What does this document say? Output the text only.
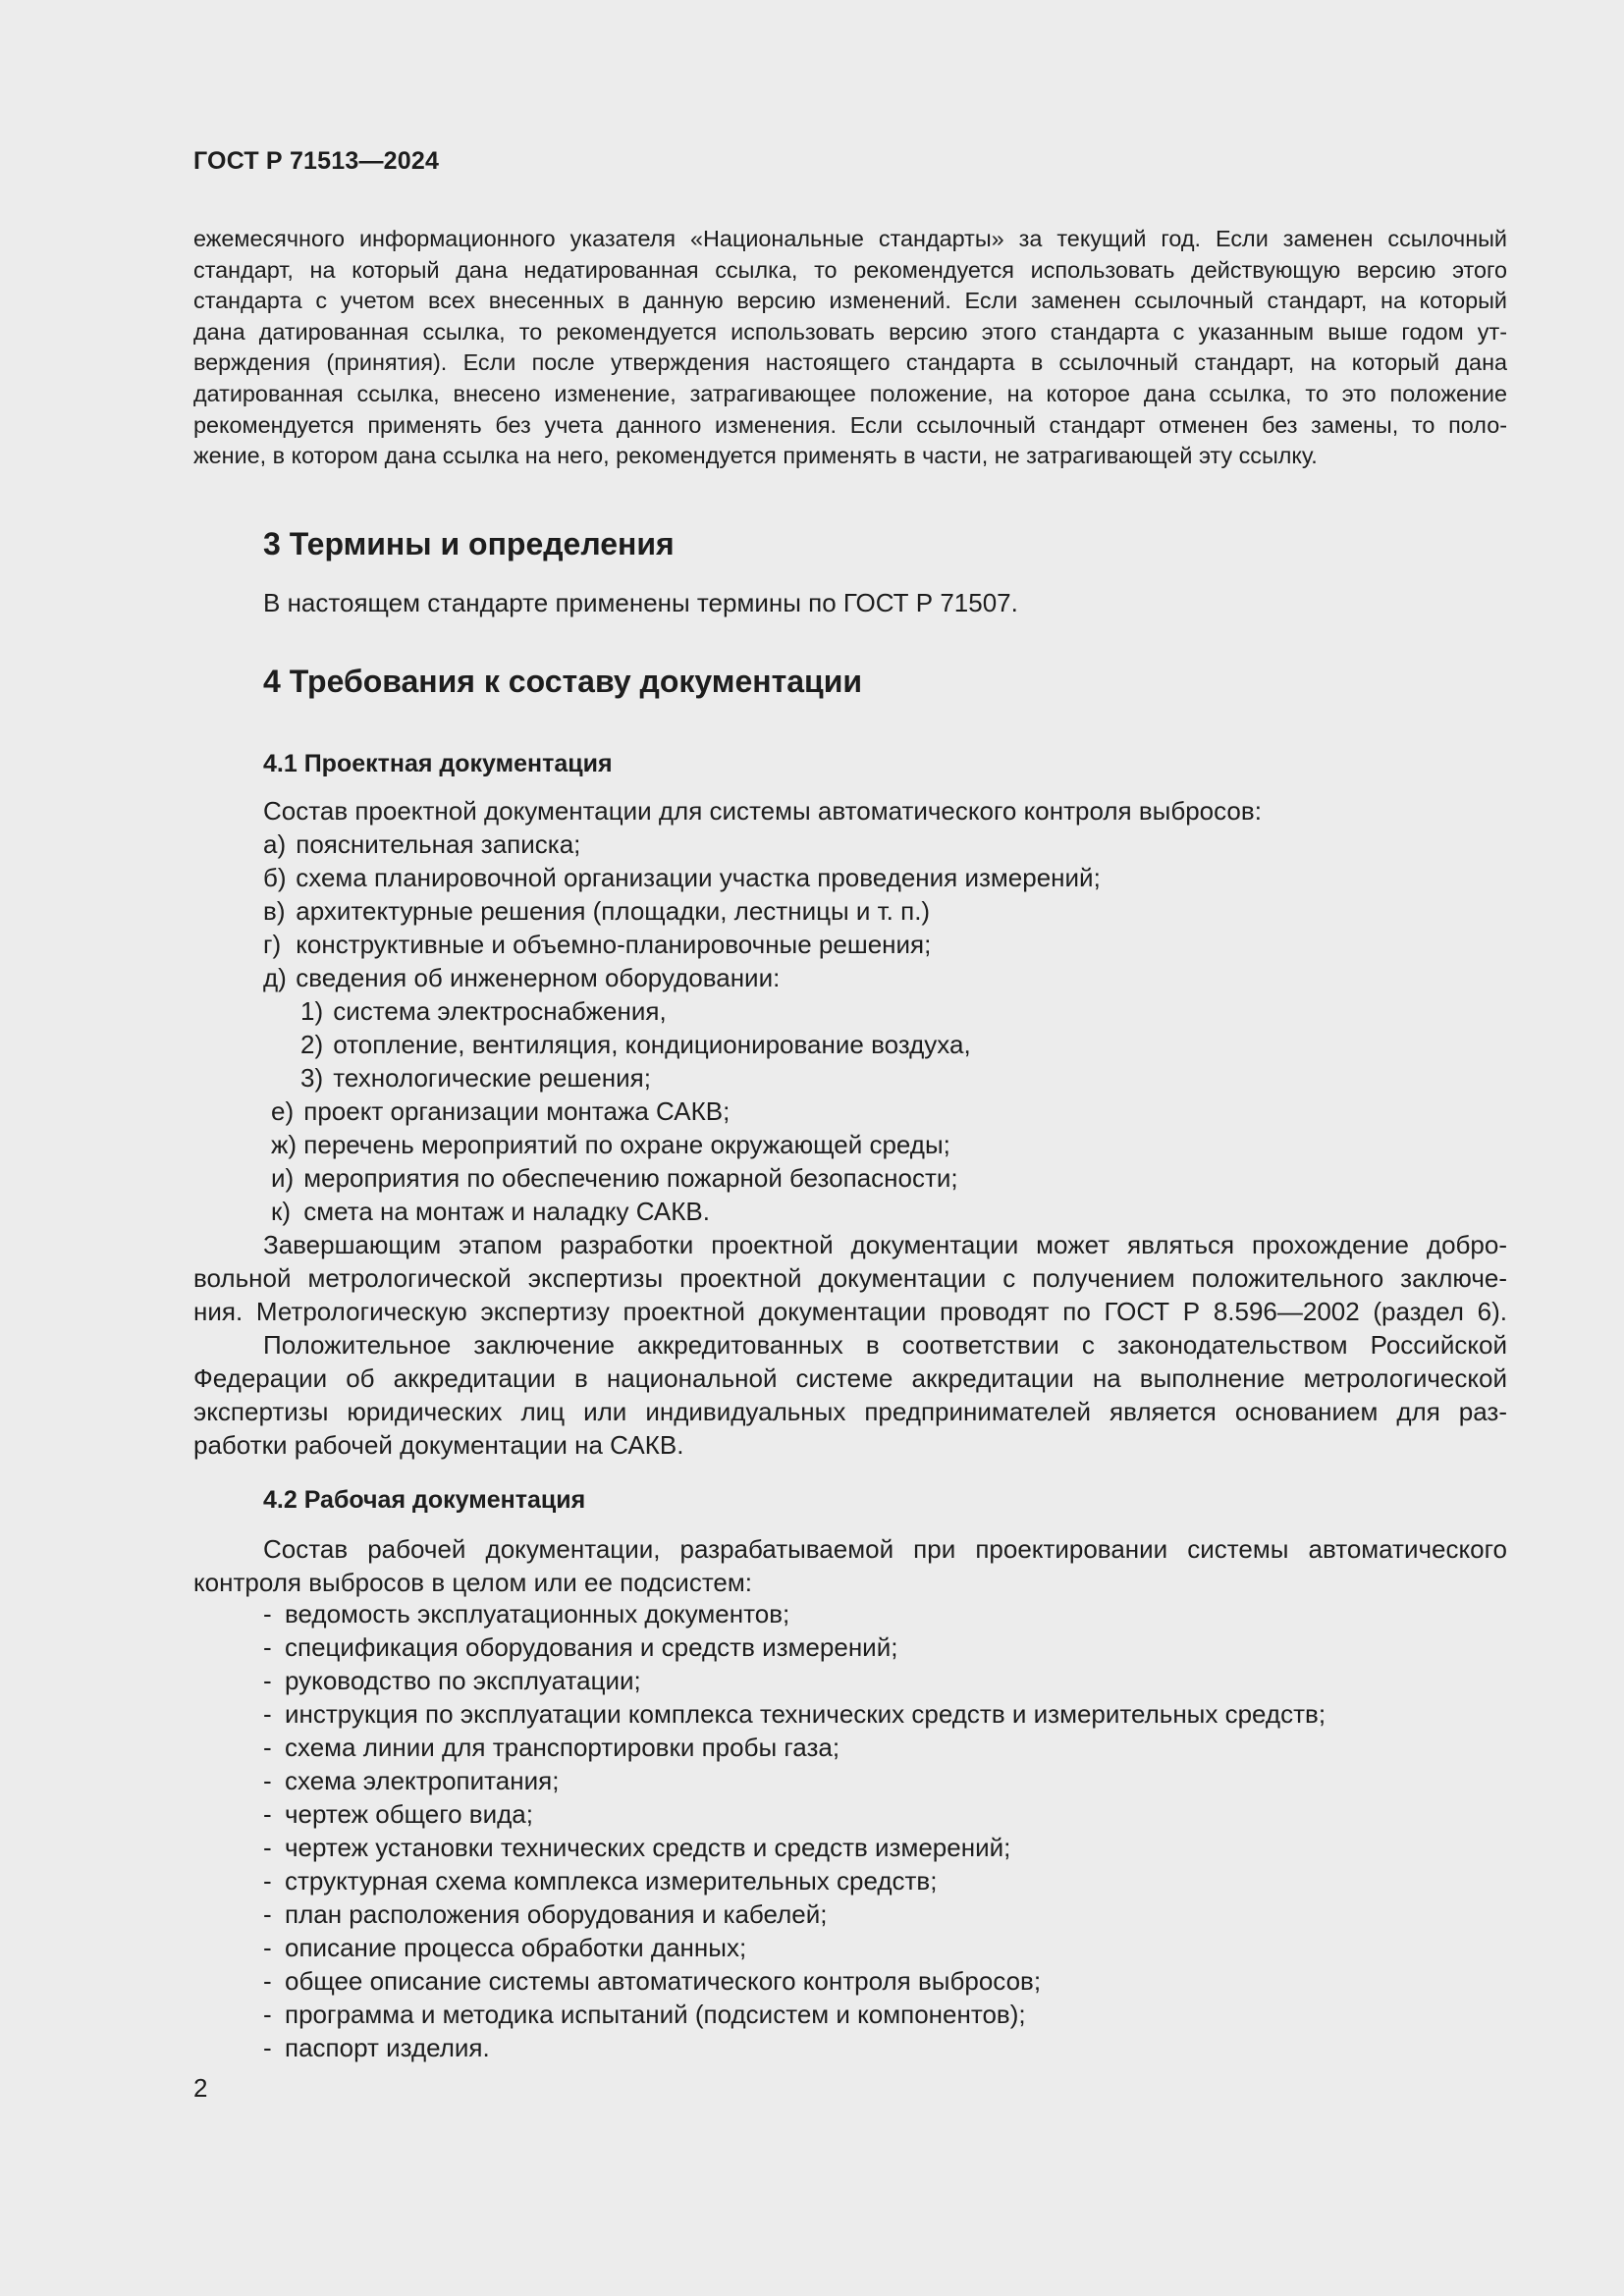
ГОСТ Р 71513—2024
ежемесячного информационного указателя «Национальные стандарты» за текущий год. Если заменен ссылочный
стандарт, на который дана недатированная ссылка, то рекомендуется использовать действующую версию этого
стандарта с учетом всех внесенных в данную версию изменений. Если заменен ссылочный стандарт, на который
дана датированная ссылка, то рекомендуется использовать версию этого стандарта с указанным выше годом ут-
верждения (принятия). Если после утверждения настоящего стандарта в ссылочный стандарт, на который дана
датированная ссылка, внесено изменение, затрагивающее положение, на которое дана ссылка, то это положение
рекомендуется применять без учета данного изменения. Если ссылочный стандарт отменен без замены, то поло-
жение, в котором дана ссылка на него, рекомендуется применять в части, не затрагивающей эту ссылку.
3 Термины и определения
В настоящем стандарте применены термины по ГОСТ Р 71507.
4 Требования к составу документации
4.1 Проектная документация
Состав проектной документации для системы автоматического контроля выбросов:
а) пояснительная записка;
б) схема планировочной организации участка проведения измерений;
в) архитектурные решения (площадки, лестницы и т. п.)
г) конструктивные и объемно-планировочные решения;
д) сведения об инженерном оборудовании:
1) система электроснабжения,
2) отопление, вентиляция, кондиционирование воздуха,
3) технологические решения;
е) проект организации монтажа САКВ;
ж) перечень мероприятий по охране окружающей среды;
и) мероприятия по обеспечению пожарной безопасности;
к) смета на монтаж и наладку САКВ.
Завершающим этапом разработки проектной документации может являться прохождение добро-
вольной метрологической экспертизы проектной документации с получением положительного заключе-
ния. Метрологическую экспертизу проектной документации проводят по ГОСТ Р 8.596—2002 (раздел 6).
Положительное заключение аккредитованных в соответствии с законодательством Российской
Федерации об аккредитации в национальной системе аккредитации на выполнение метрологической
экспертизы юридических лиц или индивидуальных предпринимателей является основанием для раз-
работки рабочей документации на САКВ.
4.2 Рабочая документация
Состав рабочей документации, разрабатываемой при проектировании системы автоматического
контроля выбросов в целом или ее подсистем:
- ведомость эксплуатационных документов;
- спецификация оборудования и средств измерений;
- руководство по эксплуатации;
- инструкция по эксплуатации комплекса технических средств и измерительных средств;
- схема линии для транспортировки пробы газа;
- схема электропитания;
- чертеж общего вида;
- чертеж установки технических средств и средств измерений;
- структурная схема комплекса измерительных средств;
- план расположения оборудования и кабелей;
- описание процесса обработки данных;
- общее описание системы автоматического контроля выбросов;
- программа и методика испытаний (подсистем и компонентов);
- паспорт изделия.
2
